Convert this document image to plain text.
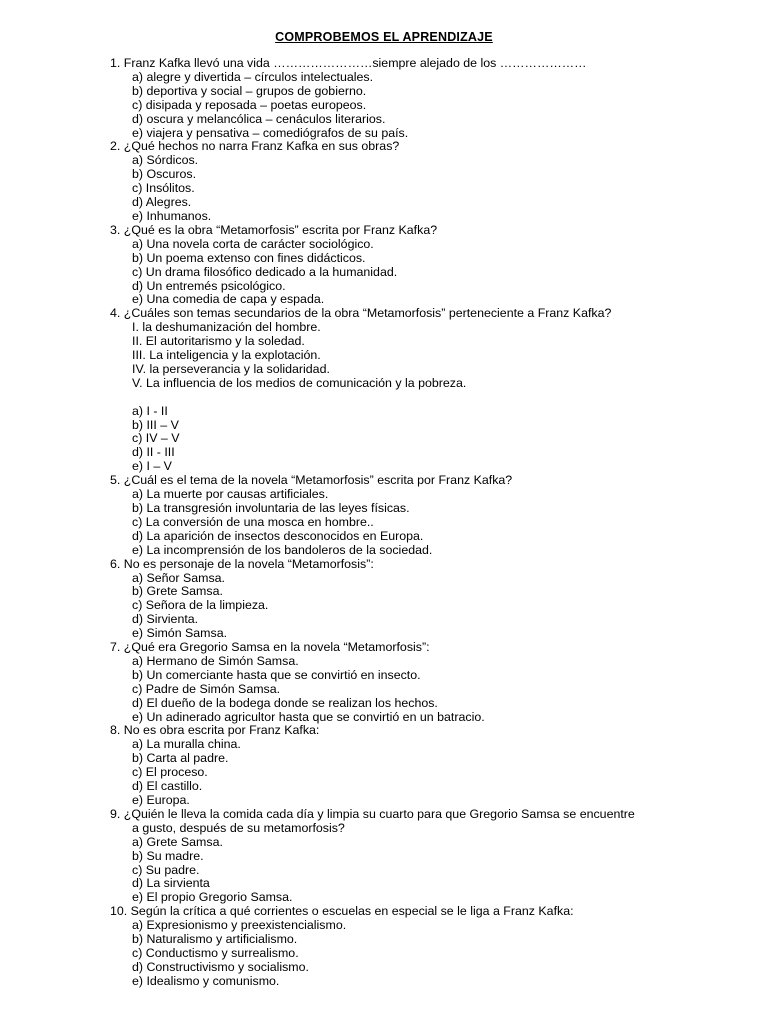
COMPROBEMOS EL APRENDIZAJE
1. Franz Kafka llevó una vida ……………………siempre alejado de los …………………
a) alegre y divertida – círculos intelectuales.
b) deportiva y social – grupos de gobierno.
c) disipada y reposada – poetas europeos.
d) oscura y melancólica – cenáculos literarios.
e) viajera y pensativa – comediógrafos de su país.
2. ¿Qué hechos no narra Franz Kafka en sus obras?
a) Sórdicos.
b) Oscuros.
c) Insólitos.
d) Alegres.
e) Inhumanos.
3. ¿Qué es la obra “Metamorfosis” escrita por Franz Kafka?
a) Una novela corta de carácter sociológico.
b) Un poema extenso con fines didácticos.
c) Un drama filosófico dedicado a la humanidad.
d) Un entremés psicológico.
e) Una comedia de capa y espada.
4. ¿Cuáles son temas secundarios de la obra “Metamorfosis” perteneciente a Franz Kafka?
I. la deshumanización del hombre.
II. El autoritarismo y la soledad.
III. La inteligencia y la explotación.
IV. la perseverancia y la solidaridad.
V. La influencia de los medios de comunicación y la pobreza.
a) I - II
b) III – V
c) IV – V
d) II - III
e) I – V
5. ¿Cuál es el tema de la novela “Metamorfosis” escrita por Franz Kafka?
a) La muerte por causas artificiales.
b) La transgresión involuntaria de las leyes físicas.
c) La conversión de una mosca en hombre..
d) La aparición de insectos desconocidos en Europa.
e) La incomprensión de los bandoleros de la sociedad.
6. No es personaje de la novela “Metamorfosis”:
a) Señor Samsa.
b) Grete Samsa.
c) Señora de la limpieza.
d) Sirvienta.
e) Simón Samsa.
7. ¿Qué era Gregorio Samsa en la novela “Metamorfosis”:
a) Hermano de Simón Samsa.
b) Un comerciante hasta que se convirtió en insecto.
c) Padre de Simón Samsa.
d) El dueño de la bodega donde se realizan los hechos.
e) Un adinerado agricultor hasta que se convirtió en un batracio.
8. No es obra escrita por Franz Kafka:
a) La muralla china.
b) Carta al padre.
c) El proceso.
d) El castillo.
e) Europa.
9. ¿Quién le lleva la comida cada día y limpia su cuarto para que Gregorio Samsa se encuentre
a gusto, después de su metamorfosis?
a) Grete Samsa.
b) Su madre.
c) Su padre.
d) La sirvienta
e) El propio Gregorio Samsa.
10. Según la crítica a qué corrientes o escuelas en especial se le liga a Franz Kafka:
a) Expresionismo y preexistencialismo.
b) Naturalismo y artificialismo.
c) Conductismo y surrealismo.
d) Constructivismo y socialismo.
e) Idealismo y comunismo.
